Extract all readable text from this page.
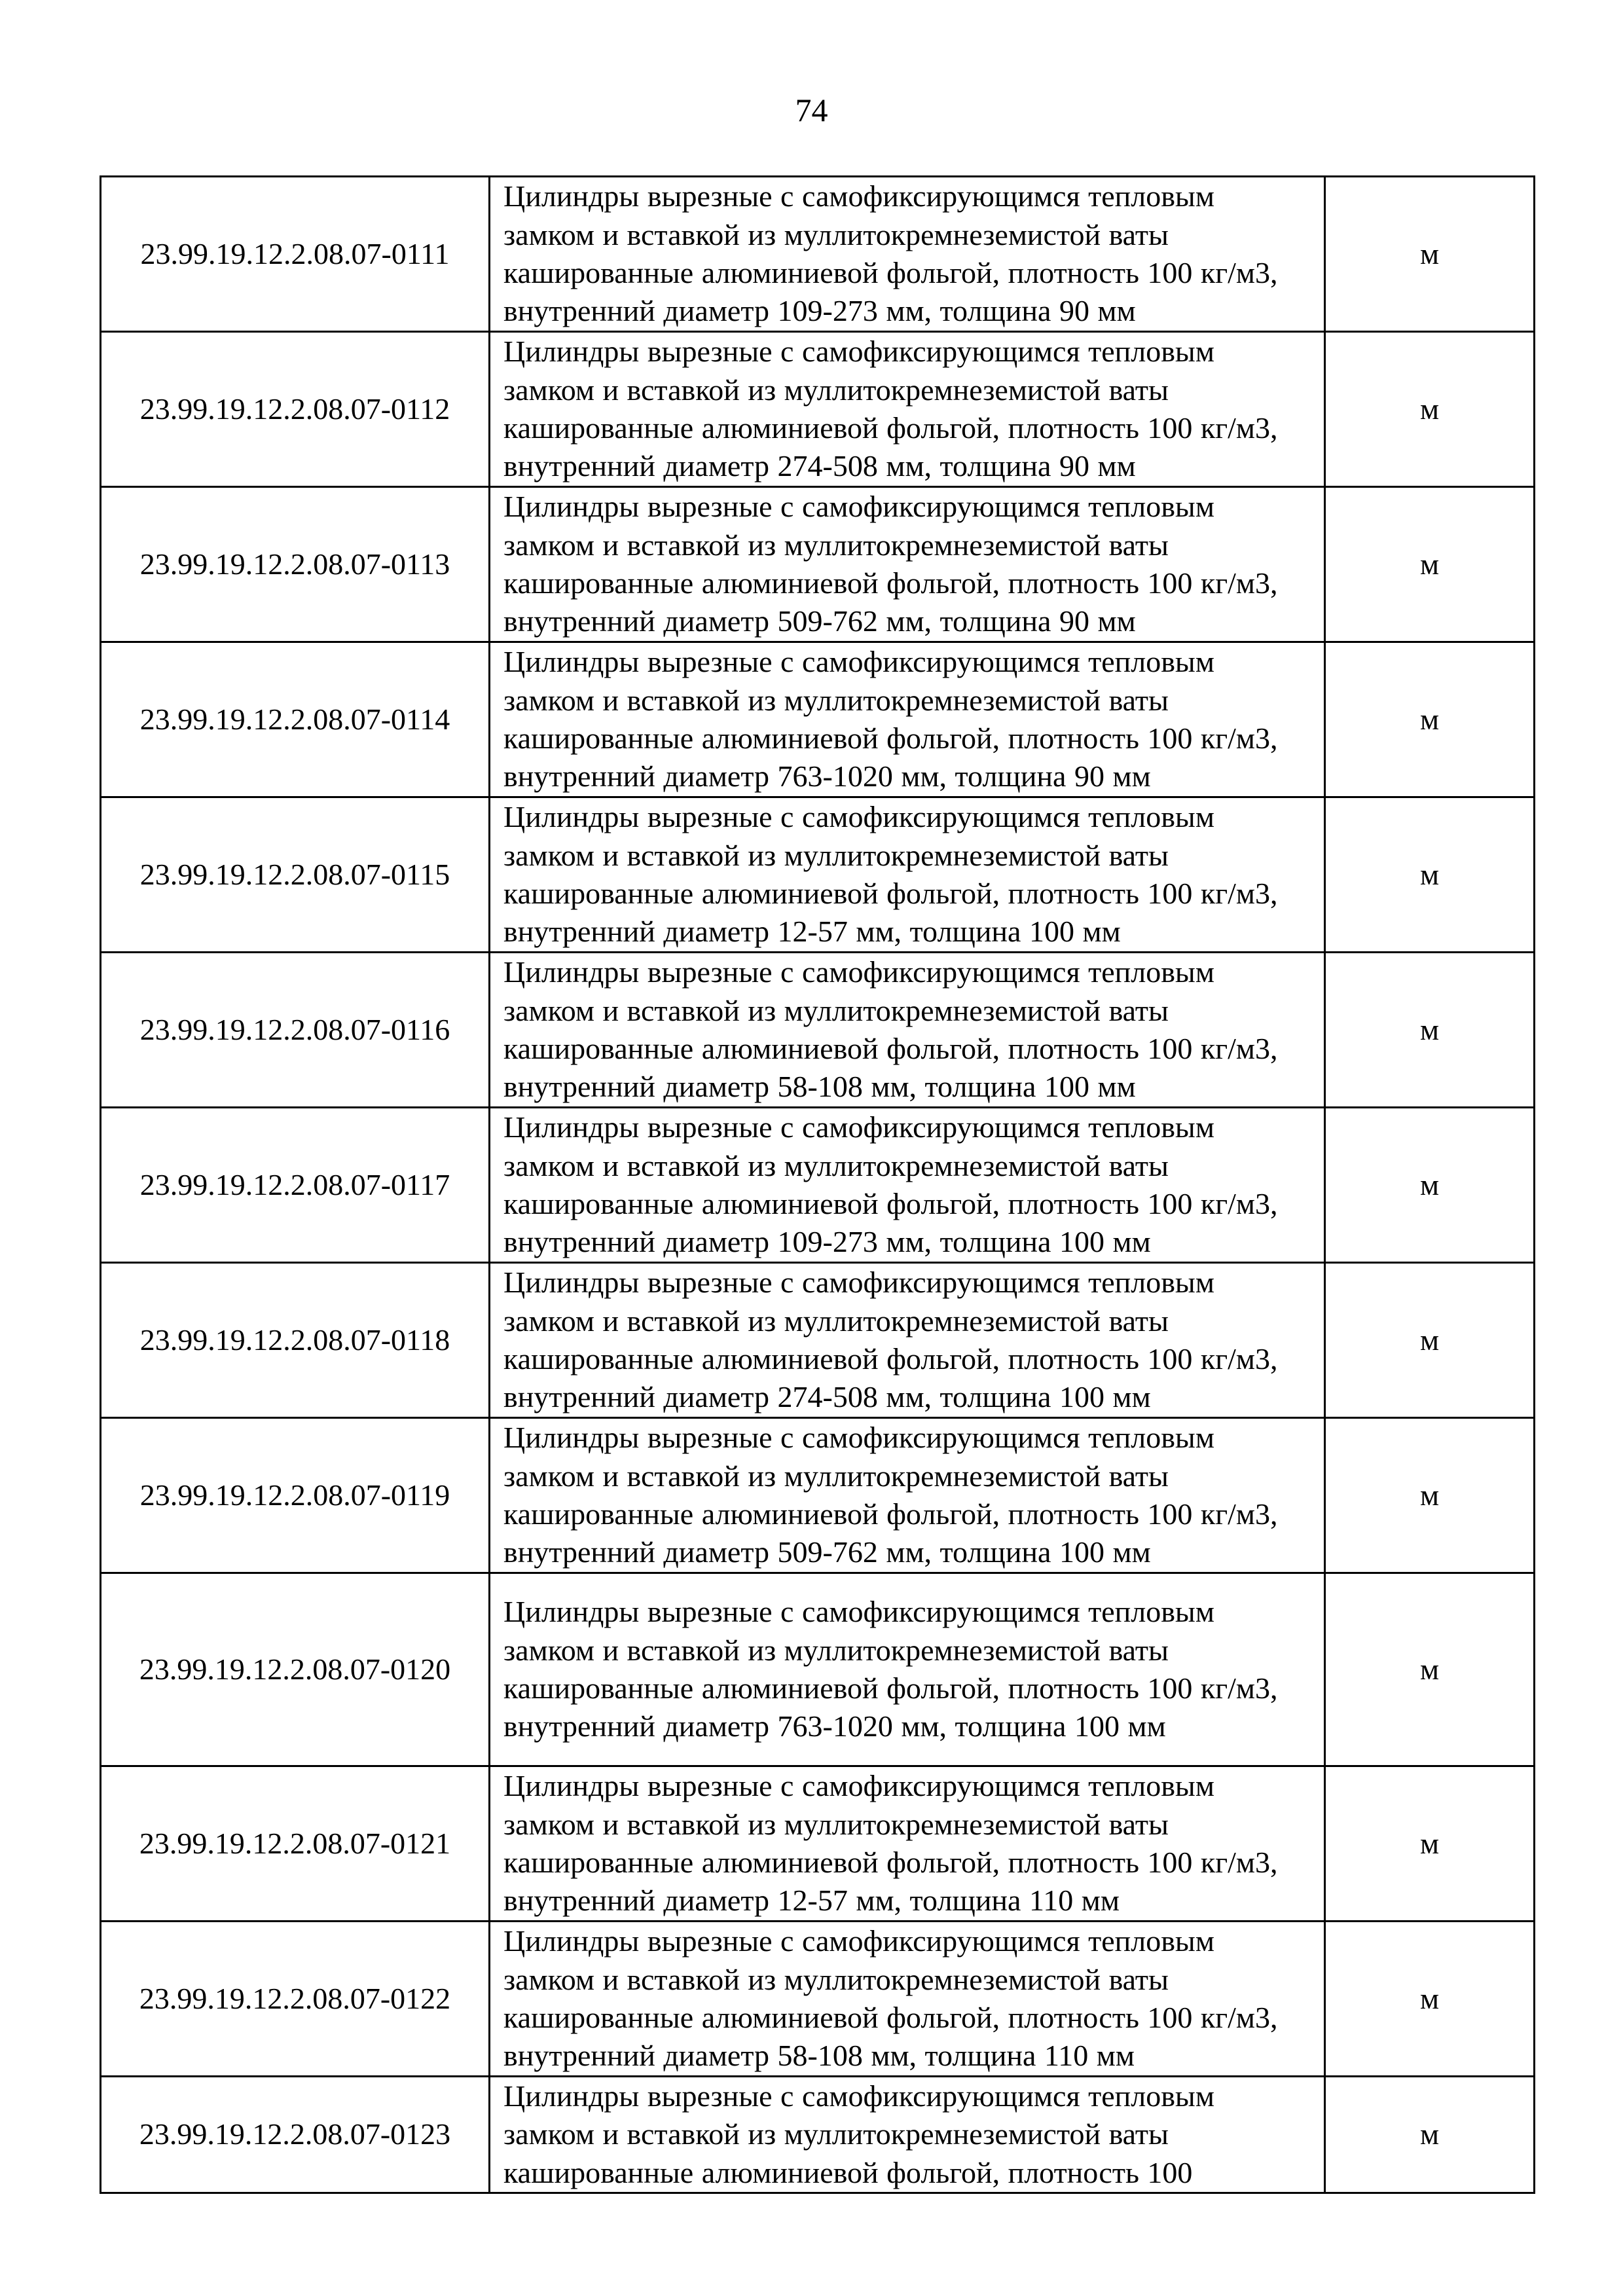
74
23.99.19.12.2.08.07-0111	Цилиндры вырезные с самофиксирующимся тепловым замком и вставкой из муллитокремнеземистой ваты кашированные алюминиевой фольгой, плотность 100 кг/м3, внутренний диаметр 109-273 мм, толщина 90 мм	м
23.99.19.12.2.08.07-0112	Цилиндры вырезные с самофиксирующимся тепловым замком и вставкой из муллитокремнеземистой ваты кашированные алюминиевой фольгой, плотность 100 кг/м3, внутренний диаметр 274-508 мм, толщина 90 мм	м
23.99.19.12.2.08.07-0113	Цилиндры вырезные с самофиксирующимся тепловым замком и вставкой из муллитокремнеземистой ваты кашированные алюминиевой фольгой, плотность 100 кг/м3, внутренний диаметр 509-762 мм, толщина 90 мм	м
23.99.19.12.2.08.07-0114	Цилиндры вырезные с самофиксирующимся тепловым замком и вставкой из муллитокремнеземистой ваты кашированные алюминиевой фольгой, плотность 100 кг/м3, внутренний диаметр 763-1020 мм, толщина 90 мм	м
23.99.19.12.2.08.07-0115	Цилиндры вырезные с самофиксирующимся тепловым замком и вставкой из муллитокремнеземистой ваты кашированные алюминиевой фольгой, плотность 100 кг/м3, внутренний диаметр 12-57 мм, толщина 100 мм	м
23.99.19.12.2.08.07-0116	Цилиндры вырезные с самофиксирующимся тепловым замком и вставкой из муллитокремнеземистой ваты кашированные алюминиевой фольгой, плотность 100 кг/м3, внутренний диаметр 58-108 мм, толщина 100 мм	м
23.99.19.12.2.08.07-0117	Цилиндры вырезные с самофиксирующимся тепловым замком и вставкой из муллитокремнеземистой ваты кашированные алюминиевой фольгой, плотность 100 кг/м3, внутренний диаметр 109-273 мм, толщина 100 мм	м
23.99.19.12.2.08.07-0118	Цилиндры вырезные с самофиксирующимся тепловым замком и вставкой из муллитокремнеземистой ваты кашированные алюминиевой фольгой, плотность 100 кг/м3, внутренний диаметр 274-508 мм, толщина 100 мм	м
23.99.19.12.2.08.07-0119	Цилиндры вырезные с самофиксирующимся тепловым замком и вставкой из муллитокремнеземистой ваты кашированные алюминиевой фольгой, плотность 100 кг/м3, внутренний диаметр 509-762 мм, толщина 100 мм	м
23.99.19.12.2.08.07-0120	Цилиндры вырезные с самофиксирующимся тепловым замком и вставкой из муллитокремнеземистой ваты кашированные алюминиевой фольгой, плотность 100 кг/м3, внутренний диаметр 763-1020 мм, толщина 100 мм	м
23.99.19.12.2.08.07-0121	Цилиндры вырезные с самофиксирующимся тепловым замком и вставкой из муллитокремнеземистой ваты кашированные алюминиевой фольгой, плотность 100 кг/м3, внутренний диаметр 12-57 мм, толщина 110 мм	м
23.99.19.12.2.08.07-0122	Цилиндры вырезные с самофиксирующимся тепловым замком и вставкой из муллитокремнеземистой ваты кашированные алюминиевой фольгой, плотность 100 кг/м3, внутренний диаметр 58-108 мм, толщина 110 мм	м
23.99.19.12.2.08.07-0123	Цилиндры вырезные с самофиксирующимся тепловым замком и вставкой из муллитокремнеземистой ваты кашированные алюминиевой фольгой, плотность 100	м
